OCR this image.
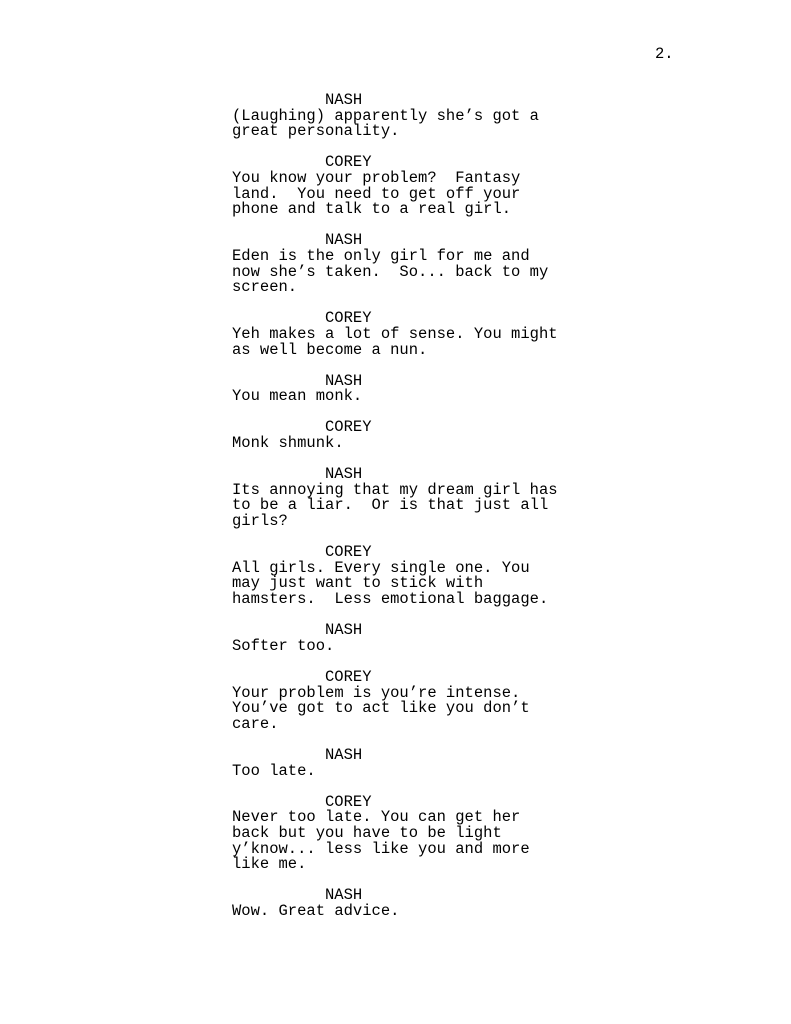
2.
NASH
(Laughing) apparently she’s got a
great personality.
COREY
You know your problem?  Fantasy
land.  You need to get off your
phone and talk to a real girl.
NASH
Eden is the only girl for me and
now she’s taken.  So... back to my
screen.
COREY
Yeh makes a lot of sense. You might
as well become a nun.
NASH
You mean monk.
COREY
Monk shmunk.
NASH
Its annoying that my dream girl has
to be a liar.  Or is that just all
girls?
COREY
All girls. Every single one. You
may just want to stick with
hamsters.  Less emotional baggage.
NASH
Softer too.
COREY
Your problem is you’re intense.
You’ve got to act like you don’t
care.
NASH
Too late.
COREY
Never too late. You can get her
back but you have to be light
y’know... less like you and more
like me.
NASH
Wow. Great advice.
